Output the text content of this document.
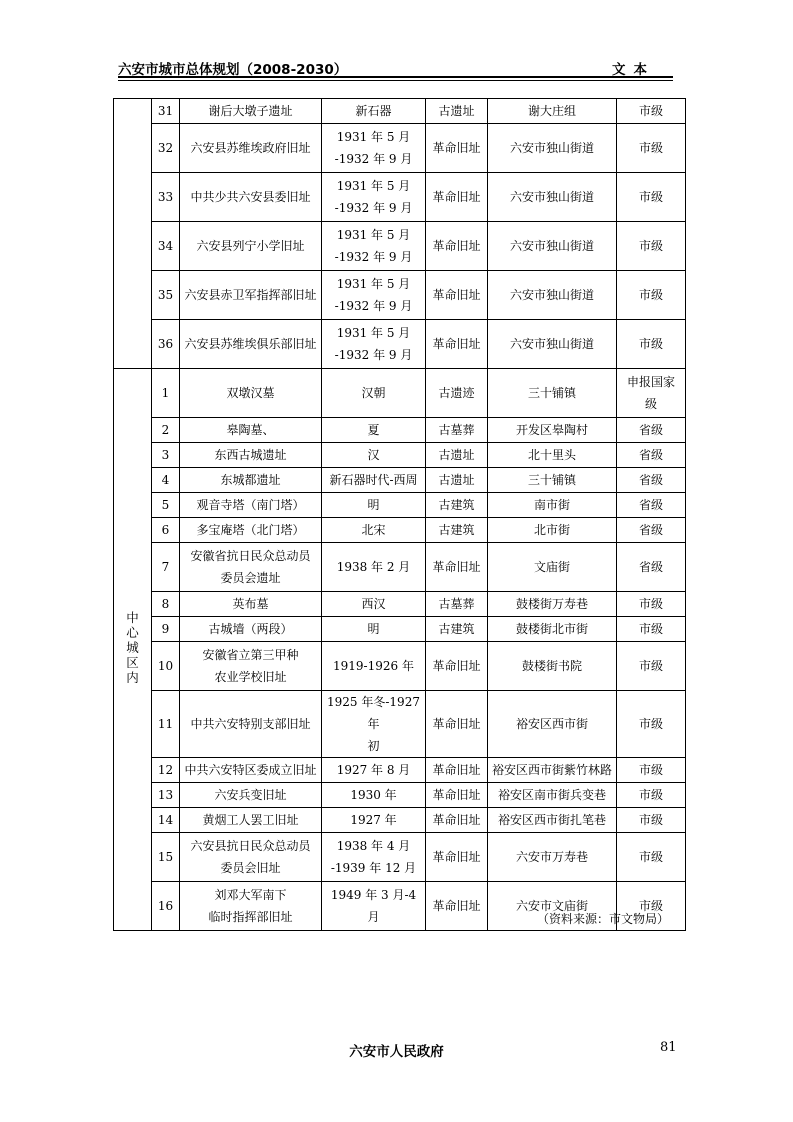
六安市城市总体规划（2008-2030）	文本
	31	谢后大墩子遗址	新石器	古遗址	谢大庄组	市级
	32	六安县苏维埃政府旧址	1931 年 5 月
-1932 年 9 月	革命旧址	六安市独山街道	市级
	33	中共少共六安县委旧址	1931 年 5 月
-1932 年 9 月	革命旧址	六安市独山街道	市级
	34	六安县列宁小学旧址	1931 年 5 月
-1932 年 9 月	革命旧址	六安市独山街道	市级
	35	六安县赤卫军指挥部旧址	1931 年 5 月
-1932 年 9 月	革命旧址	六安市独山街道	市级
	36	六安县苏维埃俱乐部旧址	1931 年 5 月
-1932 年 9 月	革命旧址	六安市独山街道	市级
中心城区内	1	双墩汉墓	汉朝	古遗迹	三十铺镇	申报国家
级
	2	皋陶墓、	夏	古墓葬	开发区皋陶村	省级
	3	东西古城遗址	汉	古遗址	北十里头	省级
	4	东城都遗址	新石器时代-西周	古遗址	三十铺镇	省级
	5	观音寺塔（南门塔）	明	古建筑	南市街	省级
	6	多宝庵塔（北门塔）	北宋	古建筑	北市街	省级
	7	安徽省抗日民众总动员
委员会遗址	1938 年 2 月	革命旧址	文庙街	省级
	8	英布墓	西汉	古墓葬	鼓楼街万寿巷	市级
	9	古城墙（两段）	明	古建筑	鼓楼街北市街	市级
	10	安徽省立第三甲种
农业学校旧址	1919-1926 年	革命旧址	鼓楼街书院	市级
	11	中共六安特别支部旧址	1925 年冬-1927 年
初	革命旧址	裕安区西市街	市级
	12	中共六安特区委成立旧址	1927 年 8 月	革命旧址	裕安区西市街紫竹林路	市级
	13	六安兵变旧址	1930 年	革命旧址	裕安区南市街兵变巷	市级
	14	黄烟工人罢工旧址	1927 年	革命旧址	裕安区西市街扎笔巷	市级
	15	六安县抗日民众总动员
委员会旧址	1938 年 4 月
-1939 年 12 月	革命旧址	六安市万寿巷	市级
	16	刘邓大军南下
临时指挥部旧址	1949 年 3 月-4 月	革命旧址	六安市文庙街	市级
（资料来源：市文物局）
六安市人民政府	81
